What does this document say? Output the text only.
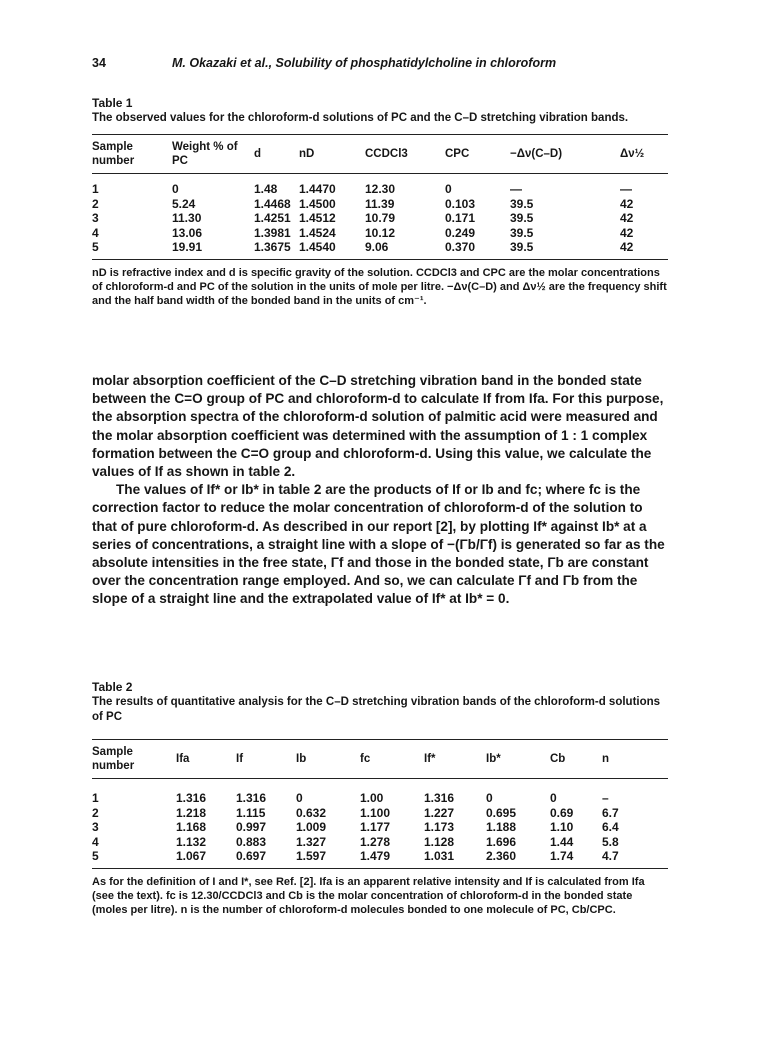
34	M. Okazaki et al., Solubility of phosphatidylcholine in chloroform

Table 1

The observed values for the chloroform-d solutions of PC and the C–D stretching vibration bands.

Sample number	Weight % of PC	d	nD	CCDCl3	CPC	−Δν(C–D)	Δν½
1	0	1.48	1.4470	12.30	0	—	—
2	5.24	1.4468	1.4500	11.39	0.103	39.5	42
3	11.30	1.4251	1.4512	10.79	0.171	39.5	42
4	13.06	1.3981	1.4524	10.12	0.249	39.5	42
5	19.91	1.3675	1.4540	9.06	0.370	39.5	42

nD is refractive index and d is specific gravity of the solution. CCDCl3 and CPC are the molar concentrations of chloroform-d and PC of the solution in the units of mole per litre. −Δν(C–D) and Δν½ are the frequency shift and the half band width of the bonded band in the units of cm⁻¹.

molar absorption coefficient of the C–D stretching vibration band in the bonded state between the C=O group of PC and chloroform-d to calculate If from Ifa. For this purpose, the absorption spectra of the chloroform-d solution of palmitic acid were measured and the molar absorption coefficient was determined with the assumption of 1 : 1 complex formation between the C=O group and chloroform-d. Using this value, we calculate the values of If as shown in table 2.

The values of If* or Ib* in table 2 are the products of If or Ib and fc; where fc is the correction factor to reduce the molar concentration of chloroform-d of the solution to that of pure chloroform-d. As described in our report [2], by plotting If* against Ib* at a series of concentrations, a straight line with a slope of −(Γb/Γf) is generated so far as the absolute intensities in the free state, Γf and those in the bonded state, Γb are constant over the concentration range employed. And so, we can calculate Γf and Γb from the slope of a straight line and the extrapolated value of If* at Ib* = 0.

Table 2

The results of quantitative analysis for the C–D stretching vibration bands of the chloroform-d solutions of PC

Sample number	Ifa	If	Ib	fc	If*	Ib*	Cb	n
1	1.316	1.316	0	1.00	1.316	0	0	–
2	1.218	1.115	0.632	1.100	1.227	0.695	0.69	6.7
3	1.168	0.997	1.009	1.177	1.173	1.188	1.10	6.4
4	1.132	0.883	1.327	1.278	1.128	1.696	1.44	5.8
5	1.067	0.697	1.597	1.479	1.031	2.360	1.74	4.7

As for the definition of I and I*, see Ref. [2]. Ifa is an apparent relative intensity and If is calculated from Ifa (see the text). fc is 12.30/CCDCl3 and Cb is the molar concentration of chloroform-d in the bonded state (moles per litre). n is the number of chloroform-d molecules bonded to one molecule of PC, Cb/CPC.
